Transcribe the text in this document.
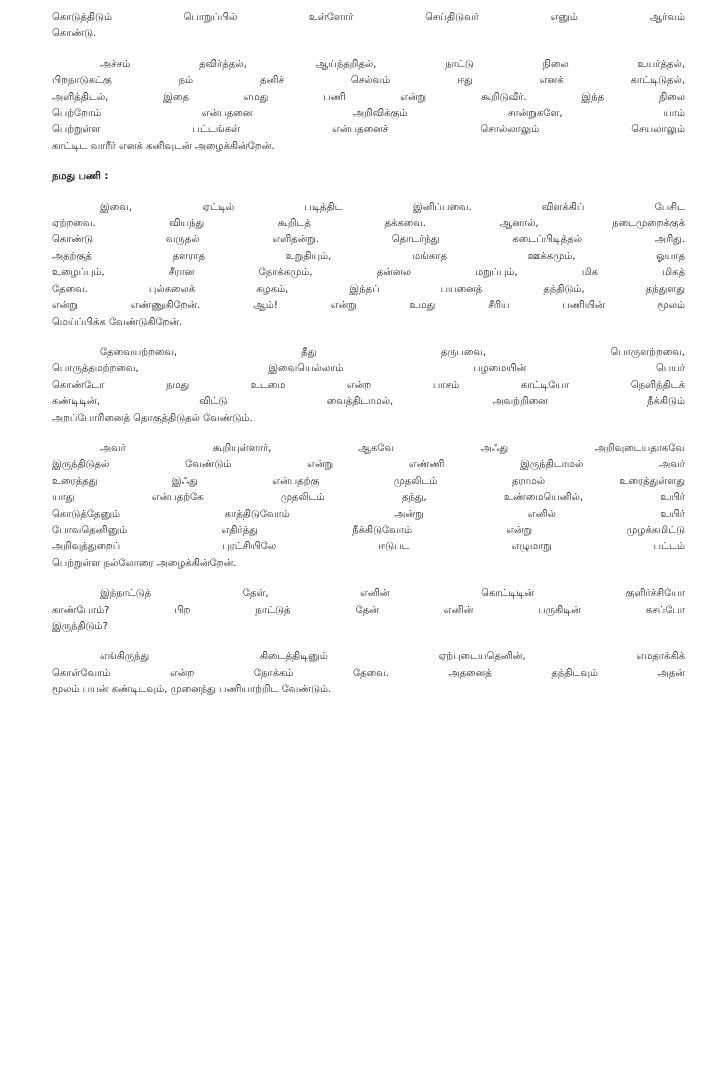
கொடுத்திடும் பொறுப்பில் உள்ளோர் செய்திடுவர் எனும் ஆர்வம்
கொண்டு.

அச்சம் தவிர்த்தல், ஆய்ந்தறிதல், நாட்டு நிலை உயர்த்தல்,
பிறநாடுகட்கு நம் தனிச் செல்வம் ஈது எனக் காட்டிடுதல்,
அளித்திடல், இதை எமது பணி என்று கூறிடுவீர். இந்த நிலை
பெற்றோம் என்பதனை அறிவிக்கும் சான்றுகளே, யாம்
பெற்றுள்ள பட்டங்கள் என்பதனைச் சொல்லாலும் செயலாலும்
காட்டிட வாரீர் எனக் கனிவுடன் அழைக்கின்றேன்.

நமது பணி :

இவை, ஏட்டில் படித்திட இனிப்பவை. விளக்கிப் பேசிட
ஏற்றவை. வியந்து கூறிடத் தக்கவை. ஆனால், நடைமுறைக்குக்
கொண்டு வருதல் எளிதன்று. தொடர்ந்து கடைப்பிடித்தல் அரிது.
அதற்குத் தளராத உறுதியும், மங்காத ஊக்கமும், ஓயாத
உழைப்பும், சீரான நோக்கமும், தன்னல மறுப்பும், மிக மிகத்
தேவை. புல்கலைக் கழகம், இந்தப் பயனைத் தந்திடும், தந்துளது
என்று எண்ணுகிறேன். ஆம்! என்று உமது சீரிய பணியின் மூலம்
மெய்ப்பிக்க வேண்டுகிறேன்.

தேவையற்றவை, தீது தருபவை, பொருளற்றவை,
பொருத்தமற்றவை, இவையெல்லாம் பழமையின் பெயர்
கொண்டோ நமது உடமை என்ற பாசம் காட்டியோ நெளிந்திடக்
கண்டிடின், விட்டு வைத்திடாமல், அவற்றினை நீக்கிடும்
அறப்போரினைத் தொகுத்திடுதல் வேண்டும்.

அவர் கூறியுள்ளார், ஆகவே அஃது அறிவுடையதாகவே
இருந்திடுதல் வேண்டும் என்று எண்ணி இருந்திடாமல் அவர்
உரைத்தது இஃது என்பதற்கு முதலிடம் தராமல் உரைத்துள்ளது
யாது என்பதற்கே முதலிடம் தந்து, உண்மையெனில், உயிர்
கொடுத்தேனும் காத்திடுவோம் அன்று எனில் உயிர்
போவதெனினும் எதிர்த்து நீக்கிடுவோம் என்று முழக்கமிட்டு
அறிவுத்துறைப் புரட்சியிலே ஈடுபட எழுமாறு பட்டம்
பெற்றுள்ள நல்லோரை அழைக்கின்றேன்.

இந்நாட்டுத் தேள், எனின் கொட்டிடின் குளிர்ச்சியோ
காண்போம்? பிற நாட்டுத் தேன் எனின் பருகிடின் கசப்போ
இருந்திடும்?

எங்கிருந்து கிடைத்திடினும் ஏற்புடையதெனின், எமதாக்கிக்
கொள்வோம் என்ற நோக்கம் தேவை. அதனைத் தந்திடவும் அதன்
மூலம் பயன் கண்டிடவும், முனைந்து பணியாற்றிட வேண்டும்.
